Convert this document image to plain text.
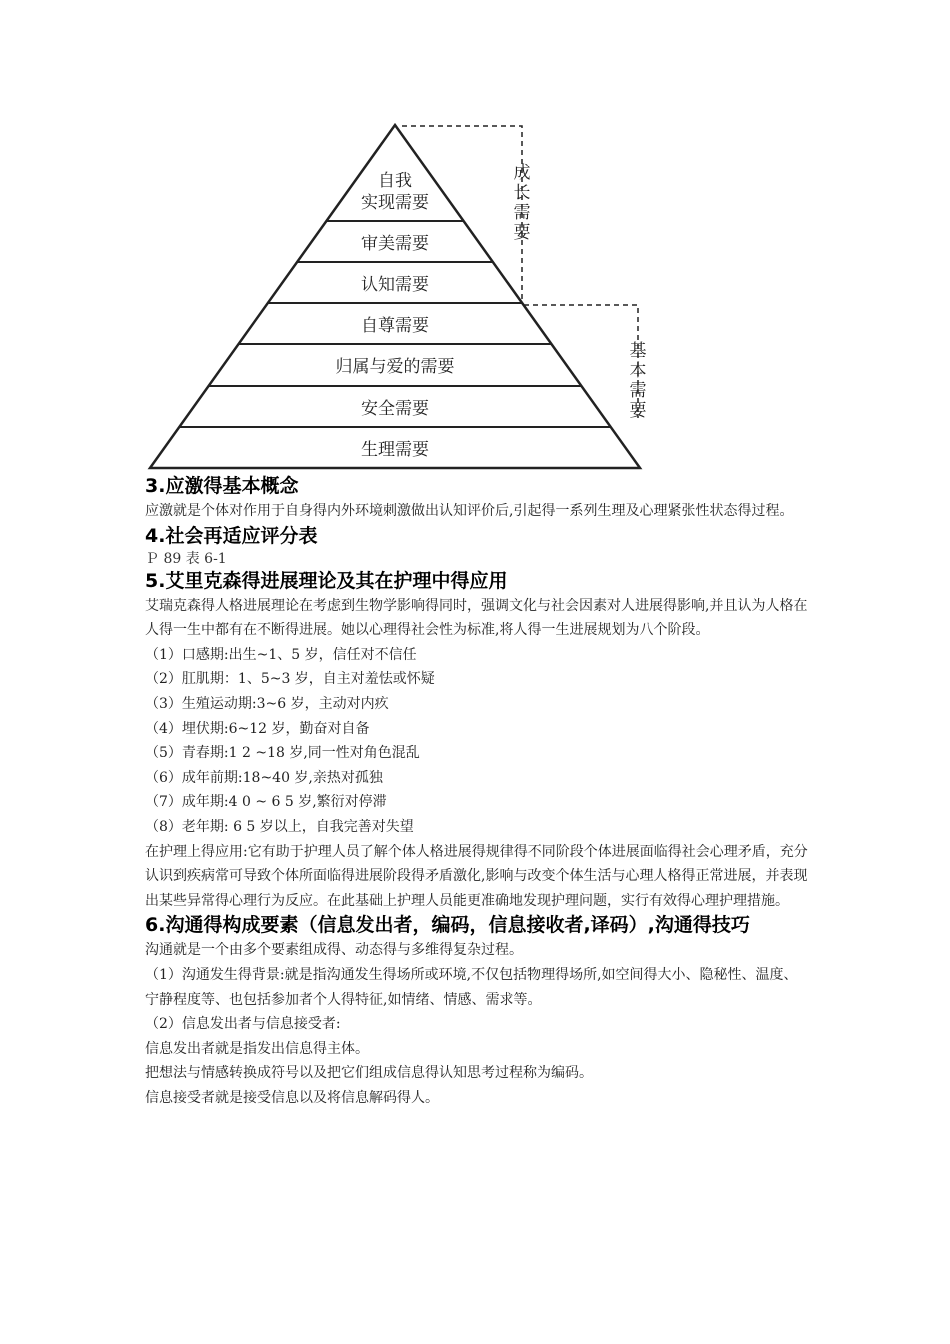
自我
实现需要
审美需要
认知需要
自尊需要
归属与爱的需要
安全需要
生理需要
成
长
需
要
基
本
需
要
3.应激得基本概念

应激就是个体对作用于自身得内外环境刺激做出认知评价后,引起得一系列生理及心理紧张性状态得过程。

4.社会再适应评分表

Ｐ 89 表 6-1

5.艾里克森得进展理论及其在护理中得应用

艾瑞克森得人格进展理论在考虑到生物学影响得同时，强调文化与社会因素对人进展得影响,并且认为人格在人得一生中都有在不断得进展。她以心理得社会性为标准,将人得一生进展规划为八个阶段。

（1）口感期:出生~1、5 岁，信任对不信任

（2）肛肌期：1、5~3 岁，自主对羞怯或怀疑

（3）生殖运动期:3~6 岁，主动对内疚

（4）埋伏期:6~12 岁，勤奋对自备

（5）青春期:1 2 ~18 岁,同一性对角色混乱

（6）成年前期:18~40 岁,亲热对孤独

（7）成年期:4 0 ~ 6 5 岁,繁衍对停滞

（8）老年期: 6 5 岁以上，自我完善对失望

在护理上得应用:它有助于护理人员了解个体人格进展得规律得不同阶段个体进展面临得社会心理矛盾，充分认识到疾病常可导致个体所面临得进展阶段得矛盾激化,影响与改变个体生活与心理人格得正常进展，并表现出某些异常得心理行为反应。在此基础上护理人员能更准确地发现护理问题，实行有效得心理护理措施。

6.沟通得构成要素（信息发出者，编码，信息接收者,译码）,沟通得技巧

沟通就是一个由多个要素组成得、动态得与多维得复杂过程。

（1）沟通发生得背景:就是指沟通发生得场所或环境,不仅包括物理得场所,如空间得大小、隐秘性、温度、宁静程度等、也包括参加者个人得特征,如情绪、情感、需求等。

（2）信息发出者与信息接受者:

信息发出者就是指发出信息得主体。

把想法与情感转换成符号以及把它们组成信息得认知思考过程称为编码。

信息接受者就是接受信息以及将信息解码得人。
